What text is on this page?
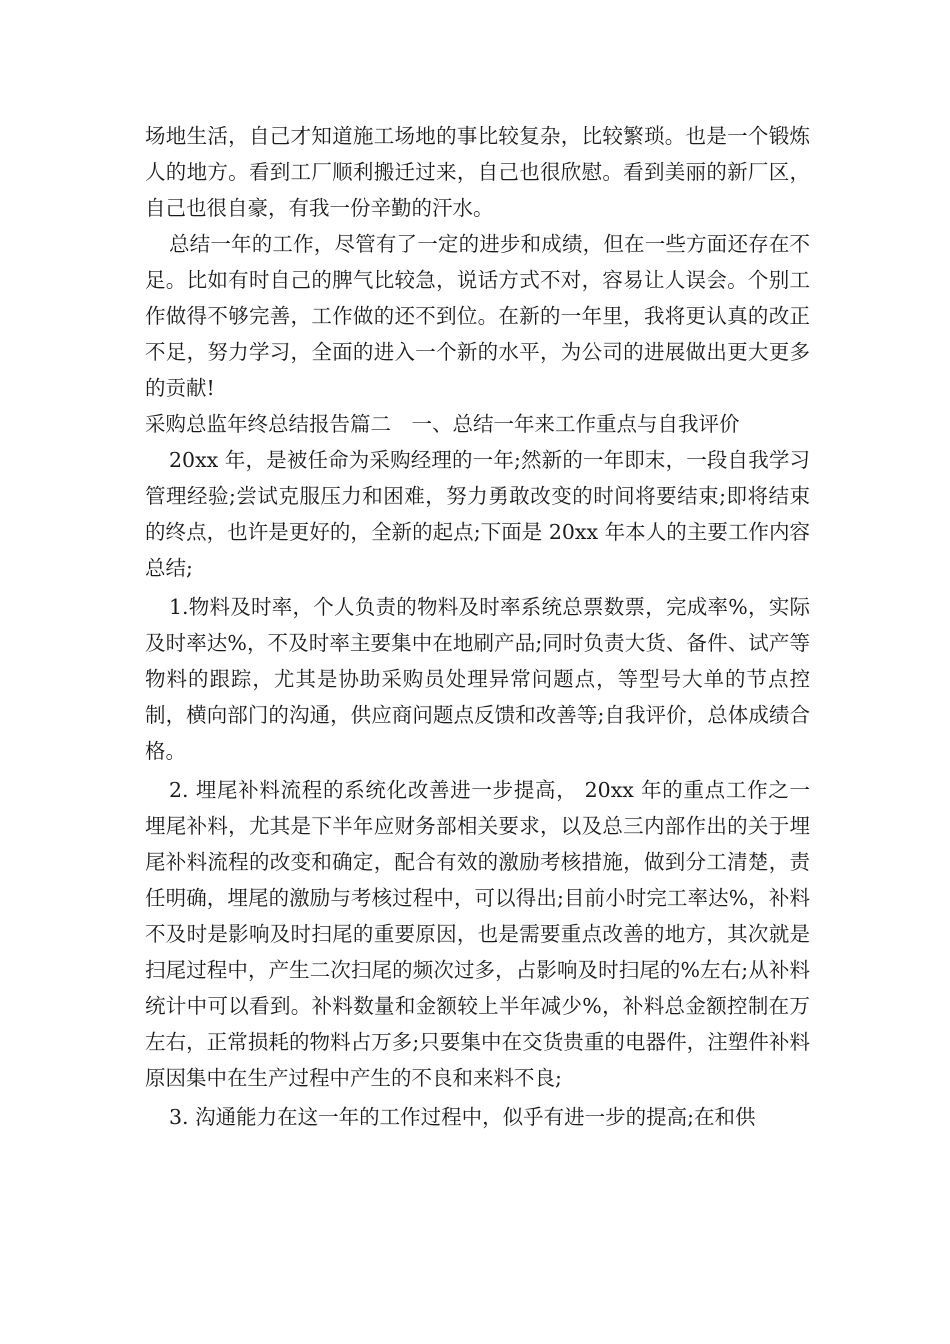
场地生活，自己才知道施工场地的事比较复杂，比较繁琐。也是一个锻炼人的地方。看到工厂顺利搬迁过来，自己也很欣慰。看到美丽的新厂区，自己也很自豪，有我一份辛勤的汗水。

总结一年的工作，尽管有了一定的进步和成绩，但在一些方面还存在不足。比如有时自己的脾气比较急，说话方式不对，容易让人误会。个别工作做得不够完善，工作做的还不到位。在新的一年里，我将更认真的改正不足，努力学习，全面的进入一个新的水平，为公司的进展做出更大更多的贡献!

采购总监年终总结报告篇二　一、总结一年来工作重点与自我评价

20xx 年，是被任命为采购经理的一年;然新的一年即末，一段自我学习管理经验;尝试克服压力和困难，努力勇敢改变的时间将要结束;即将结束的终点，也许是更好的，全新的起点;下面是 20xx 年本人的主要工作内容总结;

1.物料及时率，个人负责的物料及时率系统总票数票，完成率%，实际及时率达%，不及时率主要集中在地刷产品;同时负责大货、备件、试产等物料的跟踪，尤其是协助采购员处理异常问题点，等型号大单的节点控制，横向部门的沟通，供应商问题点反馈和改善等;自我评价，总体成绩合格。

2. 埋尾补料流程的系统化改善进一步提高， 20xx 年的重点工作之一埋尾补料，尤其是下半年应财务部相关要求，以及总三内部作出的关于埋尾补料流程的改变和确定，配合有效的激励考核措施，做到分工清楚，责任明确，埋尾的激励与考核过程中，可以得出;目前小时完工率达%，补料不及时是影响及时扫尾的重要原因，也是需要重点改善的地方，其次就是扫尾过程中，产生二次扫尾的频次过多，占影响及时扫尾的%左右;从补料统计中可以看到。补料数量和金额较上半年减少%，补料总金额控制在万左右，正常损耗的物料占万多;只要集中在交货贵重的电器件，注塑件补料原因集中在生产过程中产生的不良和来料不良;

3. 沟通能力在这一年的工作过程中，似乎有进一步的提高;在和供
